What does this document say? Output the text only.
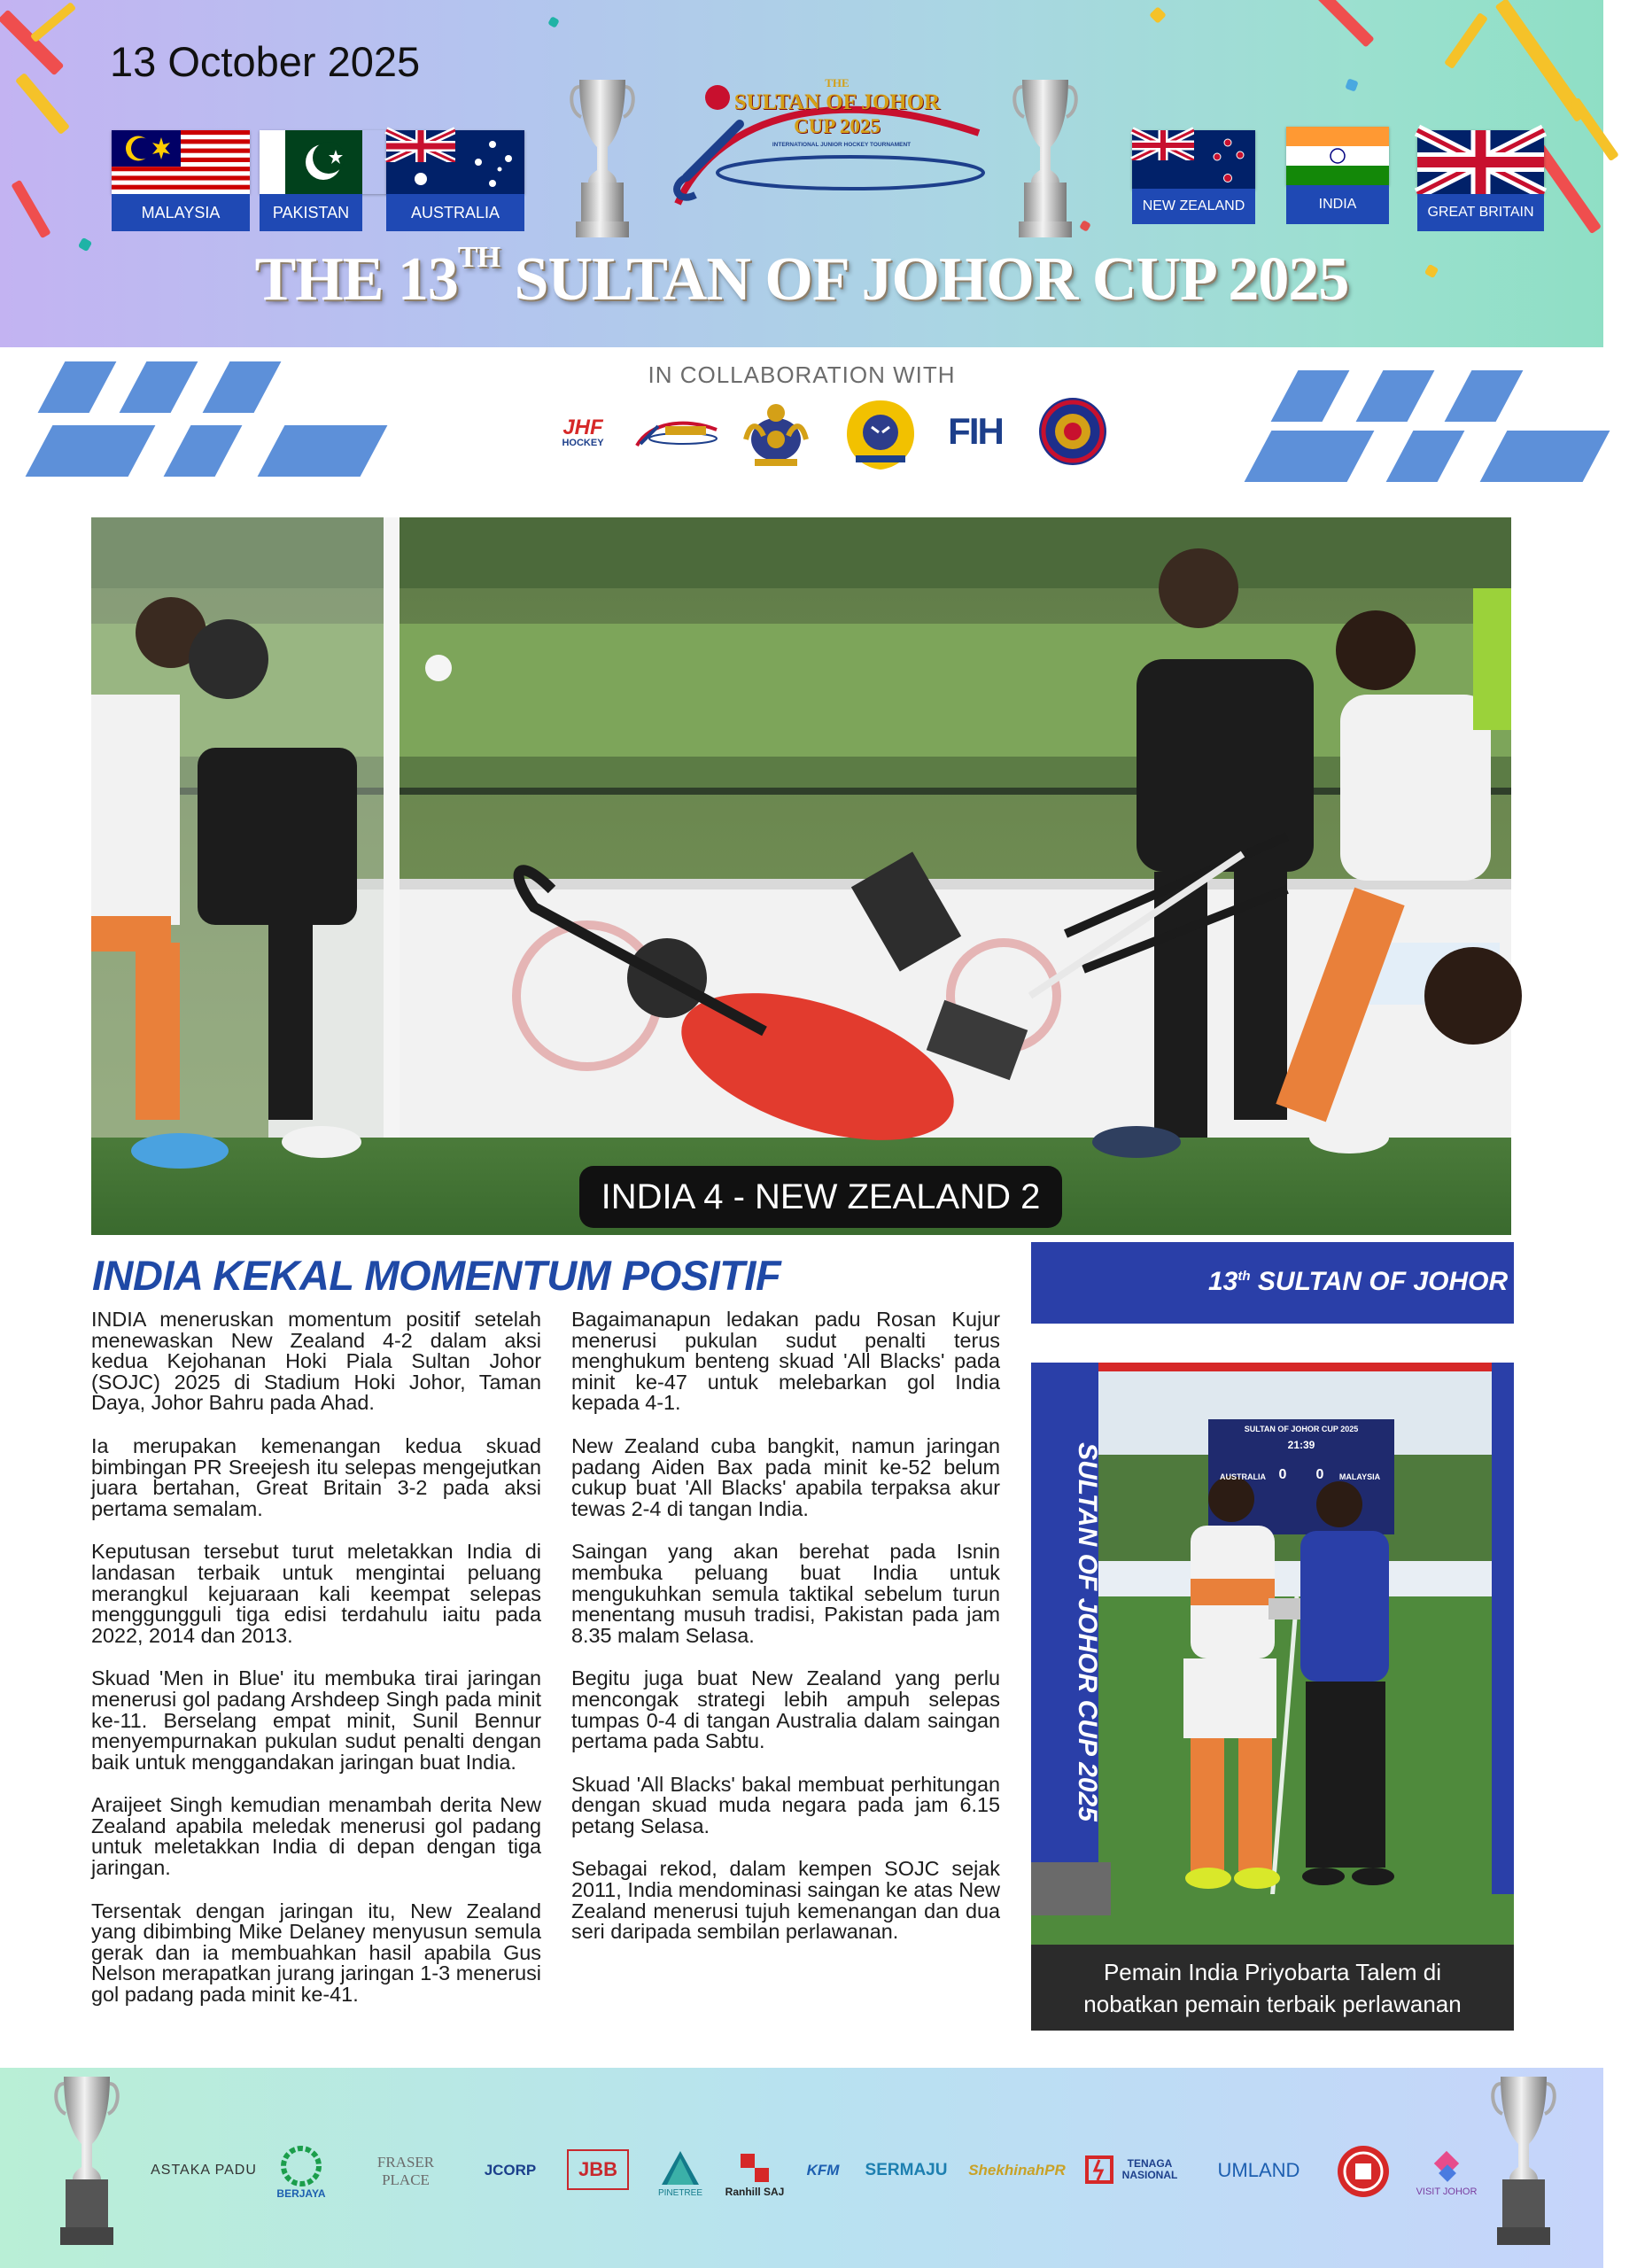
13 October 2025
MALAYSIA	PAKISTAN	AUSTRALIA
THE
SULTAN OF JOHOR
CUP 2025
INTERNATIONAL JUNIOR HOCKEY TOURNAMENT
NEW ZEALAND	INDIA
GREAT BRITAIN
THE 13TH SULTAN OF JOHOR CUP 2025
IN COLLABORATION WITH
JHF
HOCKEY	FIH
INDIA 4 - NEW ZEALAND 2
INDIA KEKAL MOMENTUM POSITIF

INDIA meneruskan momentum positif setelah menewaskan New Zealand 4-2 dalam aksi kedua Kejohanan Hoki Piala Sultan Johor (SOJC) 2025 di Stadium Hoki Johor, Taman Daya, Johor Bahru pada Ahad.

Ia merupakan kemenangan kedua skuad bimbingan PR Sreejesh itu selepas mengejutkan juara bertahan, Great Britain 3-2 pada aksi pertama semalam.

Keputusan tersebut turut meletakkan India di landasan terbaik untuk mengintai peluang merangkul kejuaraan kali keempat selepas menggungguli tiga edisi terdahulu iaitu pada 2022, 2014 dan 2013.

Skuad 'Men in Blue' itu membuka tirai jaringan menerusi gol padang Arshdeep Singh pada minit ke-11. Berselang empat minit, Sunil Bennur menyempurnakan pukulan sudut penalti dengan baik untuk menggandakan jaringan buat India.

Araijeet Singh kemudian menambah derita New Zealand apabila meledak menerusi gol padang untuk meletakkan India di depan dengan tiga jaringan.

Tersentak dengan jaringan itu, New Zealand yang dibimbing Mike Delaney menyusun semula gerak dan ia membuahkan hasil apabila Gus Nelson merapatkan jurang jaringan 1-3 menerusi gol padang pada minit ke-41.

Bagaimanapun ledakan padu Rosan Kujur menerusi pukulan sudut penalti terus menghukum benteng skuad 'All Blacks' pada minit ke-47 untuk melebarkan gol India kepada 4-1.

New Zealand cuba bangkit, namun jaringan padang Aiden Bax pada minit ke-52 belum cukup buat 'All Blacks' apabila terpaksa akur tewas 2-4 di tangan India.

Saingan yang akan berehat pada Isnin membuka peluang buat India untuk mengukuhkan semula taktikal sebelum turun menentang musuh tradisi, Pakistan pada jam 8.35 malam Selasa.

Begitu juga buat New Zealand yang perlu mencongak strategi lebih ampuh selepas tumpas 0-4 di tangan Australia dalam saingan pertama pada Sabtu.

Skuad 'All Blacks' bakal membuat perhitungan dengan skuad muda negara pada jam 6.15 petang Selasa.

Sebagai rekod, dalam kempen SOJC sejak 2011, India mendominasi saingan ke atas New Zealand menerusi tujuh kemenangan dan dua seri daripada sembilan perlawanan.

13th SULTAN OF JOHOR CUP 2025
SULTAN OF JOHOR CUP 2025
SULTAN OF JOHOR CUP 2025
21:39
AUSTRALIA 0	0	MALAYSIA
Pemain India Priyobarta Talem di nobatkan pemain terbaik perlawanan
ASTAKA PADU
BERJAYA
FRASER PLACE
JCORP	JBB
PINETREE Ranhill SAJ
KFM	SERMAJU	ShekhinahPR	TENAGA NASIONAL	UMLAND
VISIT JOHOR
